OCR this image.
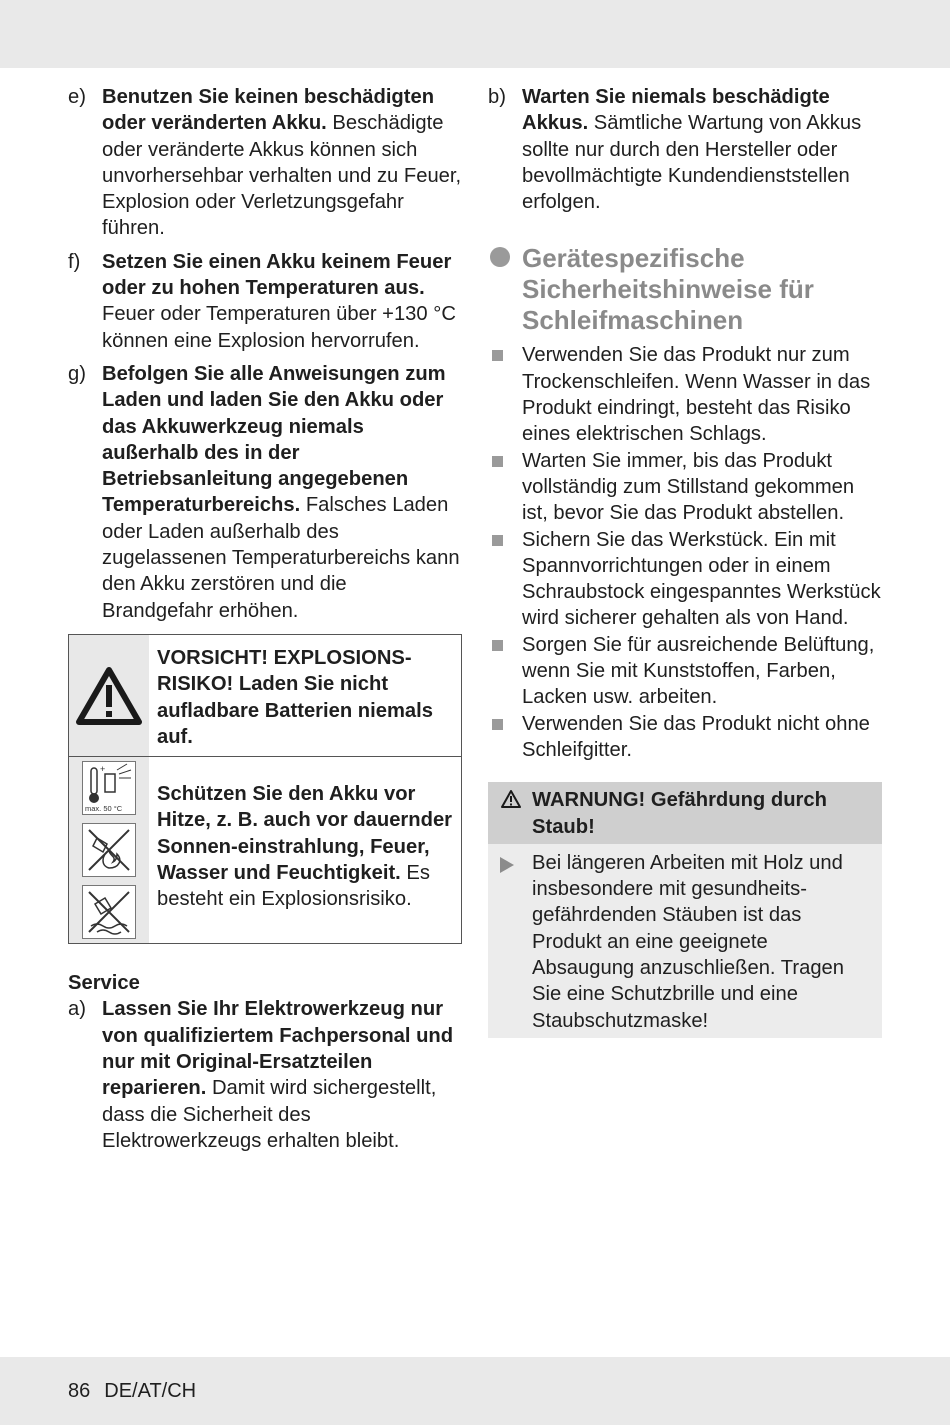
e) Benutzen Sie keinen beschädigten oder veränderten Akku. Beschädigte oder veränderte Akkus können sich unvorhersehbar verhalten und zu Feuer, Explosion oder Verletzungsgefahr führen.
f) Setzen Sie einen Akku keinem Feuer oder zu hohen Temperaturen aus. Feuer oder Temperaturen über +130 °C können eine Explosion hervorrufen.
g) Befolgen Sie alle Anweisungen zum Laden und laden Sie den Akku oder das Akkuwerkzeug niemals außerhalb des in der Betriebsanleitung angegebenen Temperaturbereichs. Falsches Laden oder Laden außerhalb des zugelassenen Temperaturbereichs kann den Akku zerstören und die Brandgefahr erhöhen.
VORSICHT! EXPLOSIONS-RISIKO! Laden Sie nicht aufladbare Batterien niemals auf.
+
max. 50 °C
Schützen Sie den Akku vor Hitze, z. B. auch vor dauernder Sonnen-einstrahlung, Feuer, Wasser und Feuchtigkeit. Es besteht ein Explosionsrisiko.
Service
a) Lassen Sie Ihr Elektrowerkzeug nur von qualifiziertem Fachpersonal und nur mit Original-Ersatzteilen reparieren. Damit wird sichergestellt, dass die Sicherheit des Elektrowerkzeugs erhalten bleibt.
b) Warten Sie niemals beschädigte Akkus. Sämtliche Wartung von Akkus sollte nur durch den Hersteller oder bevollmächtigte Kundendienststellen erfolgen.
Gerätespezifische Sicherheitshinweise für Schleifmaschinen
Verwenden Sie das Produkt nur zum Trockenschleifen. Wenn Wasser in das Produkt eindringt, besteht das Risiko eines elektrischen Schlags.
Warten Sie immer, bis das Produkt vollständig zum Stillstand gekommen ist, bevor Sie das Produkt abstellen.
Sichern Sie das Werkstück. Ein mit Spannvorrichtungen oder in einem Schraubstock eingespanntes Werkstück wird sicherer gehalten als von Hand.
Sorgen Sie für ausreichende Belüftung, wenn Sie mit Kunststoffen, Farben, Lacken usw. arbeiten.
Verwenden Sie das Produkt nicht ohne Schleifgitter.
WARNUNG! Gefährdung durch Staub!
Bei längeren Arbeiten mit Holz und insbesondere mit gesundheits-gefährdenden Stäuben ist das Produkt an eine geeignete Absaugung anzuschließen. Tragen Sie eine Schutzbrille und eine Staubschutzmaske!
86 DE/AT/CH
